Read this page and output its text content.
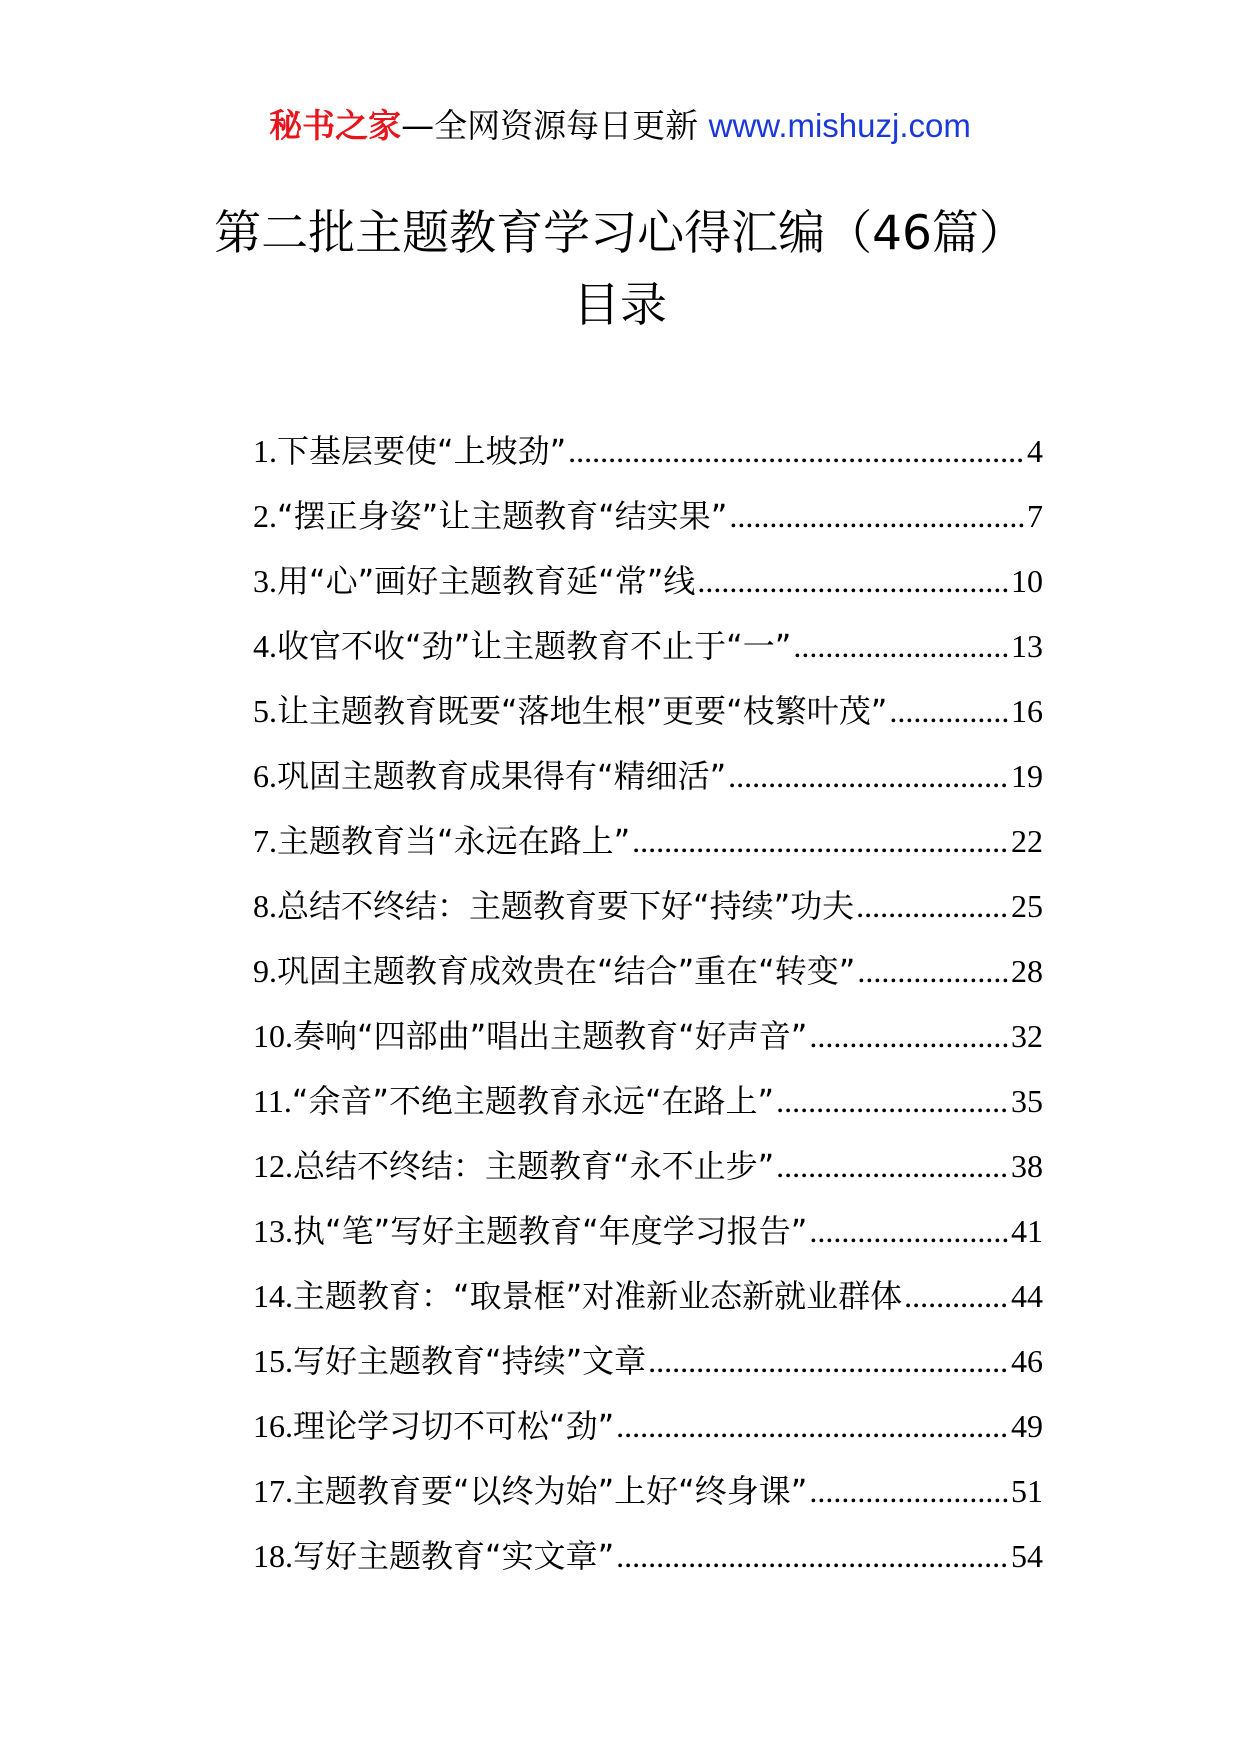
秘书之家—全网资源每日更新 www.mishuzj.com
第二批主题教育学习心得汇编（46篇）
目录
1. 下基层要使“上坡劲” .....	4
2. “摆正身姿”让主题教育“结实果” .....	7
3. 用“心”画好主题教育延“常”线 .....	10
4. 收官不收“劲”让主题教育不止于“一” .....	13
5. 让主题教育既要“落地生根”更要“枝繁叶茂” .....	16
6. 巩固主题教育成果得有“精细活” .....	19
7. 主题教育当“永远在路上” .....	22
8. 总结不终结：主题教育要下好“持续”功夫 .....	25
9. 巩固主题教育成效贵在“结合”重在“转变” .....	28
10. 奏响“四部曲”唱出主题教育“好声音” .....	32
11. “余音”不绝主题教育永远“在路上” .....	35
12. 总结不终结：主题教育“永不止步” .....	38
13. 执“笔”写好主题教育“年度学习报告” .....	41
14. 主题教育：“取景框”对准新业态新就业群体 .....	44
15. 写好主题教育“持续”文章 .....	46
16. 理论学习切不可松“劲” .....	49
17. 主题教育要“以终为始”上好“终身课” .....	51
18. 写好主题教育“实文章” .....	54
